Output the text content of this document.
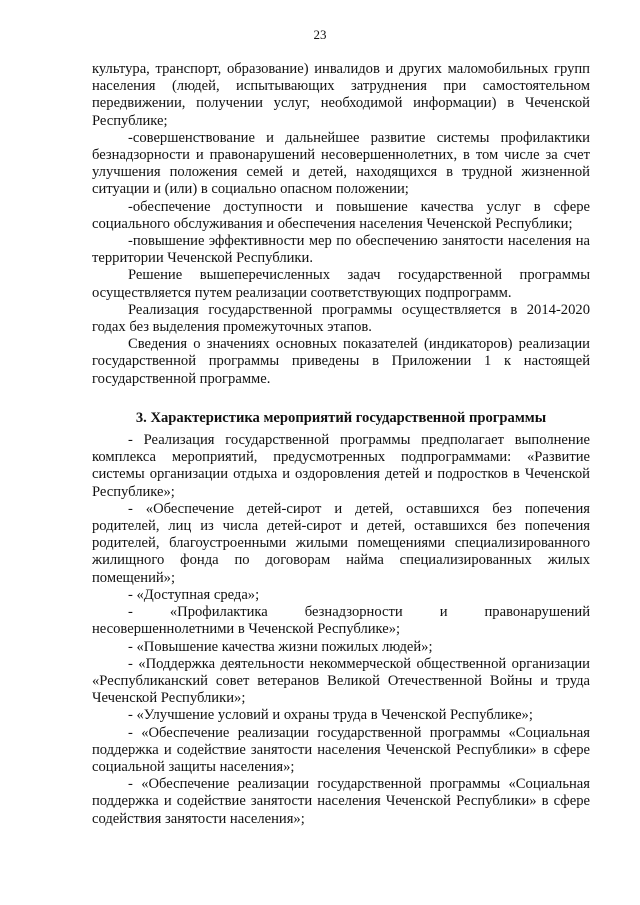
23

культура, транспорт, образование) инвалидов и других маломобильных групп населения (людей, испытывающих затруднения при самостоятельном передвижении, получении услуг, необходимой информации) в Чеченской Республике;

-совершенствование и дальнейшее развитие системы профилактики безнадзорности и правонарушений несовершеннолетних, в том числе за счет улучшения положения семей и детей, находящихся в трудной жизненной ситуации и (или) в социально опасном положении;

-обеспечение доступности и повышение качества услуг в сфере социального обслуживания и обеспечения населения Чеченской Республики;

-повышение эффективности мер по обеспечению занятости населения на территории Чеченской Республики.

Решение вышеперечисленных задач государственной программы осуществляется путем реализации соответствующих подпрограмм.

Реализация государственной программы осуществляется в 2014-2020 годах без выделения промежуточных этапов.

Сведения о значениях основных показателей (индикаторов) реализации государственной программы приведены в Приложении 1 к настоящей государственной программе.

3. Характеристика мероприятий государственной программы

- Реализация государственной программы предполагает выполнение комплекса мероприятий, предусмотренных подпрограммами: «Развитие системы организации отдыха и оздоровления детей и подростков в Чеченской Республике»;

- «Обеспечение детей-сирот и детей, оставшихся без попечения родителей, лиц из числа детей-сирот и детей, оставшихся без попечения родителей, благоустроенными жилыми помещениями специализированного жилищного фонда по договорам найма специализированных жилых помещений»;

- «Доступная среда»;

- «Профилактика безнадзорности и правонарушений несовершеннолетними в Чеченской Республике»;

- «Повышение качества жизни пожилых людей»;

- «Поддержка деятельности некоммерческой общественной организации «Республиканский совет ветеранов Великой Отечественной Войны и труда Чеченской Республики»;

- «Улучшение условий и охраны труда в Чеченской Республике»;

- «Обеспечение реализации государственной программы «Социальная поддержка и содействие занятости населения Чеченской Республики» в сфере социальной защиты населения»;

- «Обеспечение реализации государственной программы «Социальная поддержка и содействие занятости населения Чеченской Республики» в сфере содействия занятости населения»;
